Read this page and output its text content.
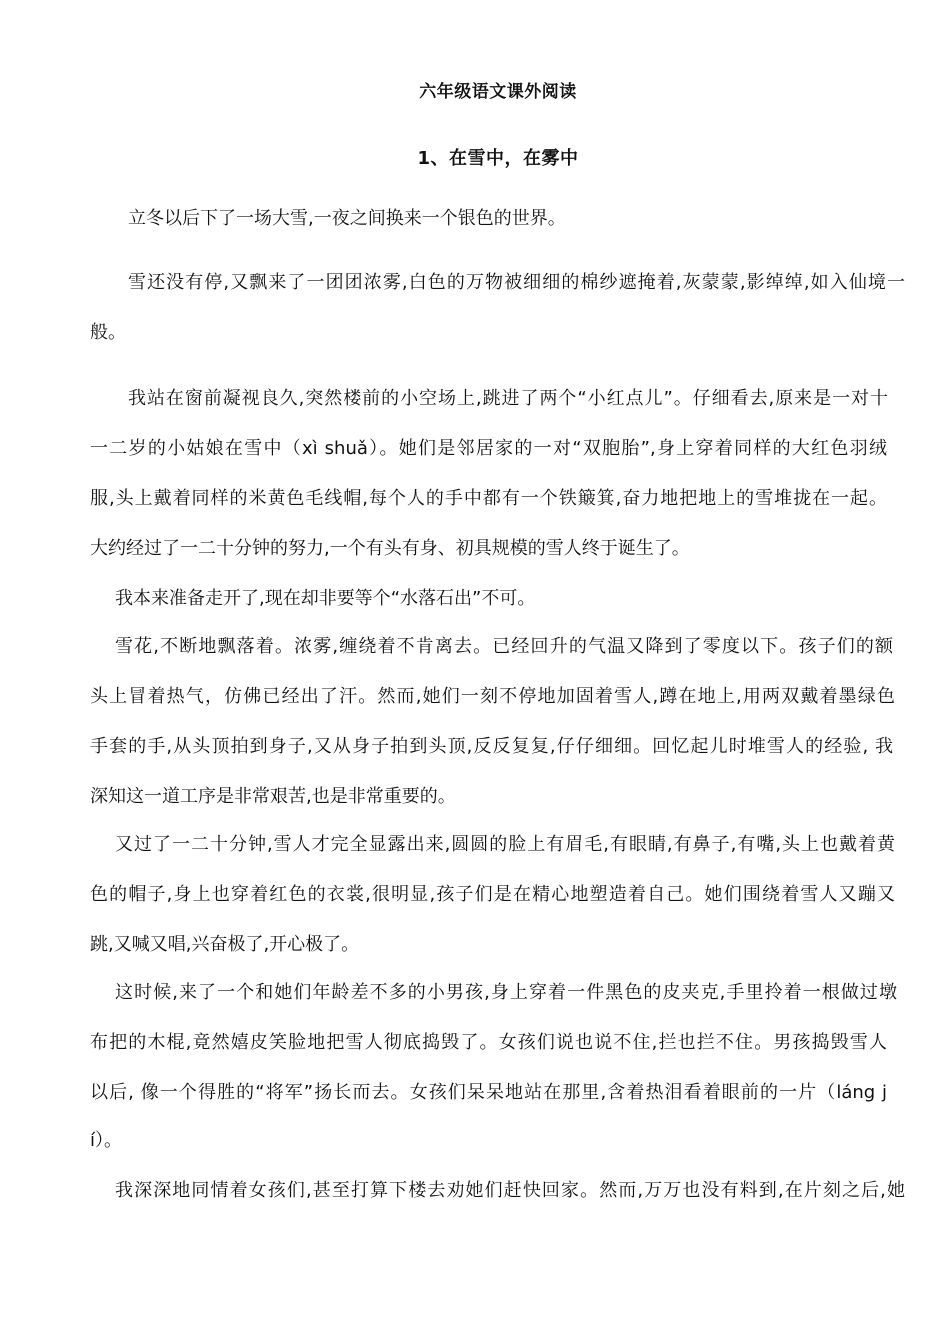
六年级语文课外阅读
1、在雪中，在雾中
立冬以后下了一场大雪,一夜之间换来一个银色的世界。
雪还没有停,又飘来了一团团浓雾,白色的万物被细细的棉纱遮掩着,灰蒙蒙,影绰绰,如入仙境一
般。
我站在窗前凝视良久,突然楼前的小空场上,跳进了两个“小红点儿”。仔细看去,原来是一对十
一二岁的小姑娘在雪中（xì shuǎ）。她们是邻居家的一对“双胞胎”,身上穿着同样的大红色羽绒
服,头上戴着同样的米黄色毛线帽,每个人的手中都有一个铁簸箕,奋力地把地上的雪堆拢在一起。
大约经过了一二十分钟的努力,一个有头有身、初具规模的雪人终于诞生了。
我本来准备走开了,现在却非要等个“水落石出”不可。
雪花,不断地飘落着。浓雾,缠绕着不肯离去。已经回升的气温又降到了零度以下。孩子们的额
头上冒着热气，仿佛已经出了汗。然而,她们一刻不停地加固着雪人,蹲在地上,用两双戴着墨绿色
手套的手,从头顶拍到身子,又从身子拍到头顶,反反复复,仔仔细细。回忆起儿时堆雪人的经验, 我
深知这一道工序是非常艰苦,也是非常重要的。
又过了一二十分钟,雪人才完全显露出来,圆圆的脸上有眉毛,有眼睛,有鼻子,有嘴,头上也戴着黄
色的帽子,身上也穿着红色的衣裳,很明显,孩子们是在精心地塑造着自己。她们围绕着雪人又蹦又
跳,又喊又唱,兴奋极了,开心极了。
这时候,来了一个和她们年龄差不多的小男孩,身上穿着一件黑色的皮夹克,手里拎着一根做过墩
布把的木棍,竟然嬉皮笑脸地把雪人彻底捣毁了。女孩们说也说不住,拦也拦不住。男孩捣毁雪人
以后, 像一个得胜的“将军”扬长而去。女孩们呆呆地站在那里,含着热泪看着眼前的一片（láng j
í）。
我深深地同情着女孩们,甚至打算下楼去劝她们赶快回家。然而,万万也没有料到,在片刻之后,她
